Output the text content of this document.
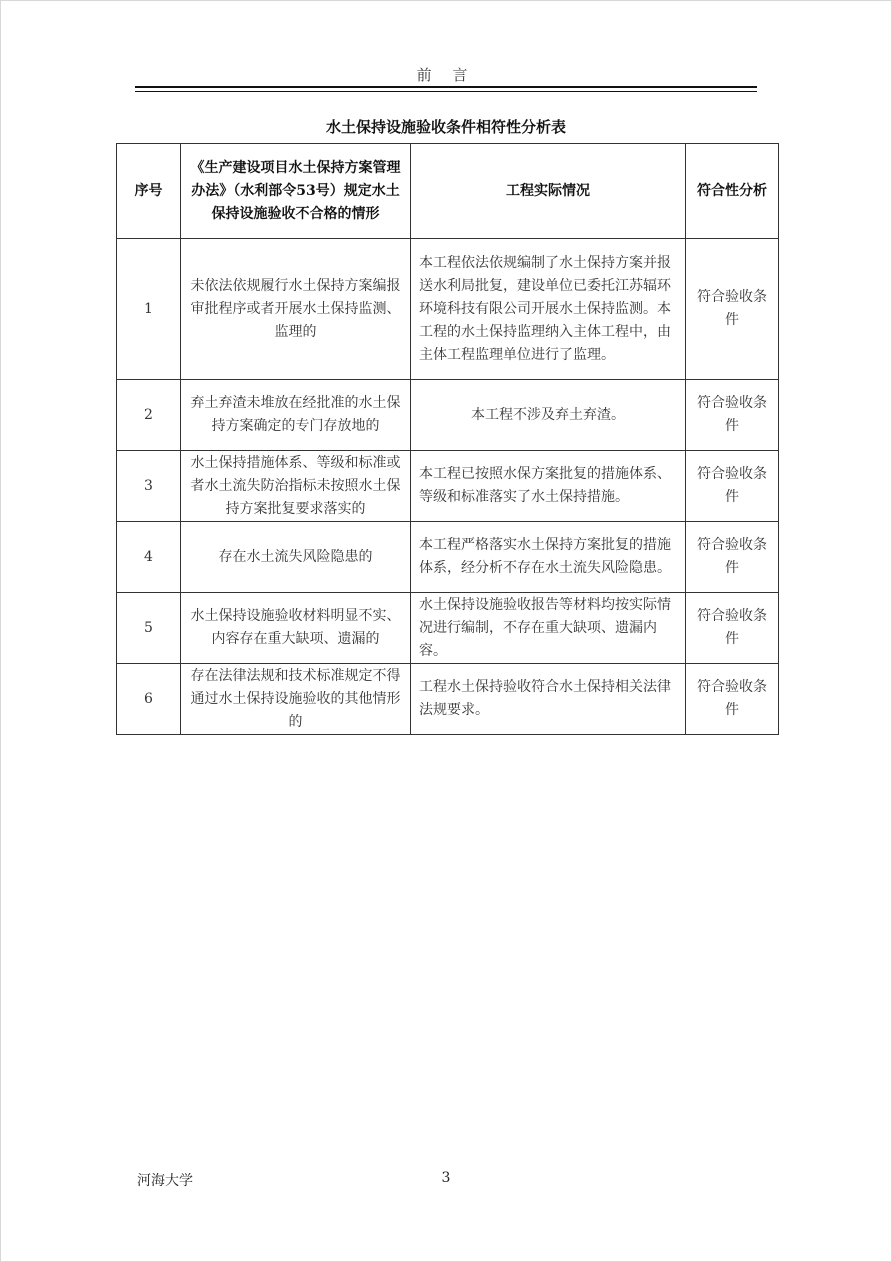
前 言
水土保持设施验收条件相符性分析表
序号	《生产建设项目水土保持方案管理办法》（水利部令53号）规定水土保持设施验收不合格的情形	工程实际情况	符合性分析
1	未依法依规履行水土保持方案编报审批程序或者开展水土保持监测、监理的	本工程依法依规编制了水土保持方案并报送水利局批复，建设单位已委托江苏辐环环境科技有限公司开展水土保持监测。本工程的水土保持监理纳入主体工程中，由主体工程监理单位进行了监理。	符合验收条件
2	弃土弃渣未堆放在经批准的水土保持方案确定的专门存放地的	本工程不涉及弃土弃渣。	符合验收条件
3	水土保持措施体系、等级和标准或者水土流失防治指标未按照水土保持方案批复要求落实的	本工程已按照水保方案批复的措施体系、等级和标准落实了水土保持措施。	符合验收条件
4	存在水土流失风险隐患的	本工程严格落实水土保持方案批复的措施体系，经分析不存在水土流失风险隐患。	符合验收条件
5	水土保持设施验收材料明显不实、内容存在重大缺项、遗漏的	水土保持设施验收报告等材料均按实际情况进行编制，不存在重大缺项、遗漏内容。	符合验收条件
6	存在法律法规和技术标准规定不得通过水土保持设施验收的其他情形的	工程水土保持验收符合水土保持相关法律法规要求。	符合验收条件
河海大学	3
